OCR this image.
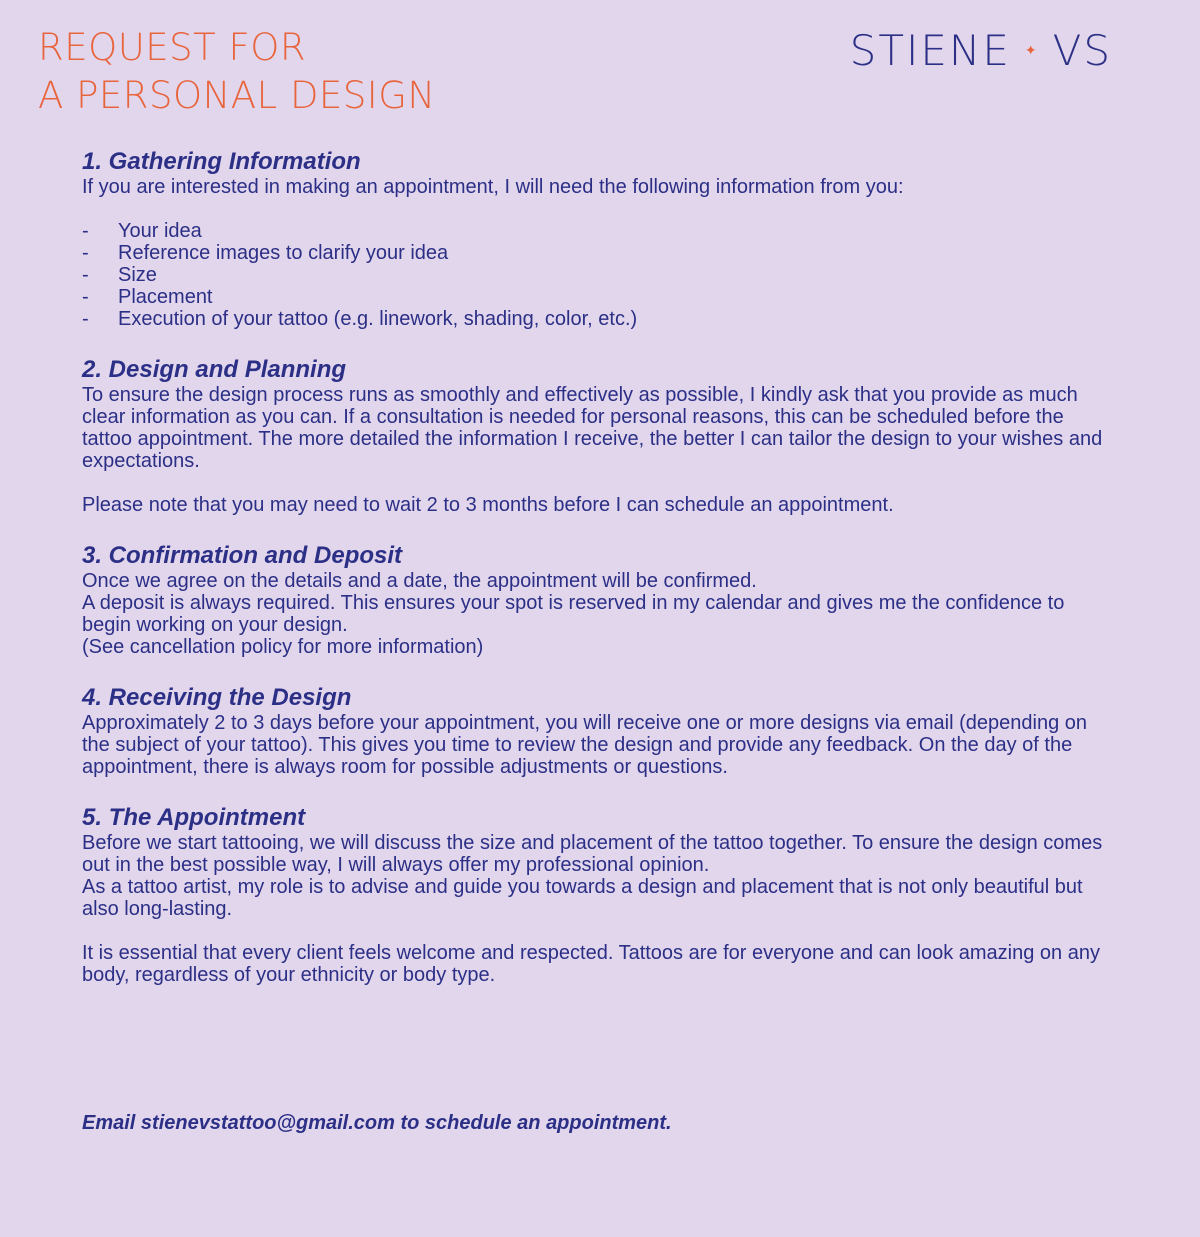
REQUEST FOR
A PERSONAL DESIGN
STIENE ✦ VS
1. Gathering Information

If you are interested in making an appointment, I will need the following information from you:

-	Your idea
-	Reference images to clarify your idea
-	Size
-	Placement
-	Execution of your tattoo (e.g. linework, shading, color, etc.)
2. Design and Planning

To ensure the design process runs as smoothly and effectively as possible, I kindly ask that you provide as much clear information as you can. If a consultation is needed for personal reasons, this can be scheduled before the tattoo appointment. The more detailed the information I receive, the better I can tailor the design to your wishes and expectations.

Please note that you may need to wait 2 to 3 months before I can schedule an appointment.

3. Confirmation and Deposit

Once we agree on the details and a date, the appointment will be confirmed.

A deposit is always required. This ensures your spot is reserved in my calendar and gives me the confidence to begin working on your design.

(See cancellation policy for more information)

4. Receiving the Design

Approximately 2 to 3 days before your appointment, you will receive one or more designs via email (depending on the subject of your tattoo). This gives you time to review the design and provide any feedback. On the day of the appointment, there is always room for possible adjustments or questions.

5. The Appointment

Before we start tattooing, we will discuss the size and placement of the tattoo together. To ensure the design comes out in the best possible way, I will always offer my professional opinion.

As a tattoo artist, my role is to advise and guide you towards a design and placement that is not only beautiful but also long-lasting.

It is essential that every client feels welcome and respected. Tattoos are for everyone and can look amazing on any body, regardless of your ethnicity or body type.

Email stienevstattoo@gmail.com to schedule an appointment.
